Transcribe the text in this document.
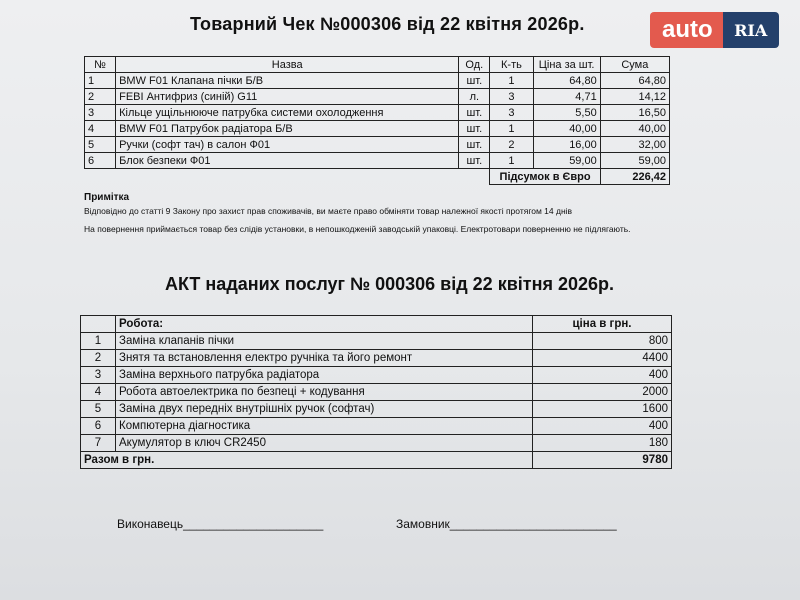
Товарний Чек №000306 від 22 квітня 2026р.	auto	RIA
№	Назва	Од.	К-ть	Ціна за шт.	Сума
1	BMW F01 Клапана пічки Б/В	шт.	1	64,80	64,80
2	FEBI Антифриз (синій) G11	л.	3	4,71	14,12
3	Кільце ущільнююче патрубка системи охолодження	шт.	3	5,50	16,50
4	BMW F01 Патрубок радіатора Б/В	шт.	1	40,00	40,00
5	Ручки (софт тач) в салон Ф01	шт.	2	16,00	32,00
6	Блок безпеки Ф01	шт.	1	59,00	59,00
			Підсумок в Євро		226,42
Примітка
Відповідно до статті 9 Закону про захист прав споживачів, ви маєте право обміняти товар належної якості протягом 14 днів
На повернення приймається товар без слідів установки, в непошкодженій заводській упаковці. Електротовари поверненню не підлягають.
АКТ наданих послуг № 000306 від 22 квітня 2026р.
	Робота:	ціна в грн.
1	Заміна клапанів пічки	800
2	Знятя та встановлення електро ручніка та його ремонт	4400
3	Заміна верхнього патрубка радіатора	400
4	Робота автоелектрика по безпеці + кодування	2000
5	Заміна двух передніх внутрішніх ручок (софтач)	1600
6	Компютерна діагностика	400
7	Акумулятор в ключ CR2450	180
Разом в грн.		9780
Виконавець_____________________	Замовник_________________________
